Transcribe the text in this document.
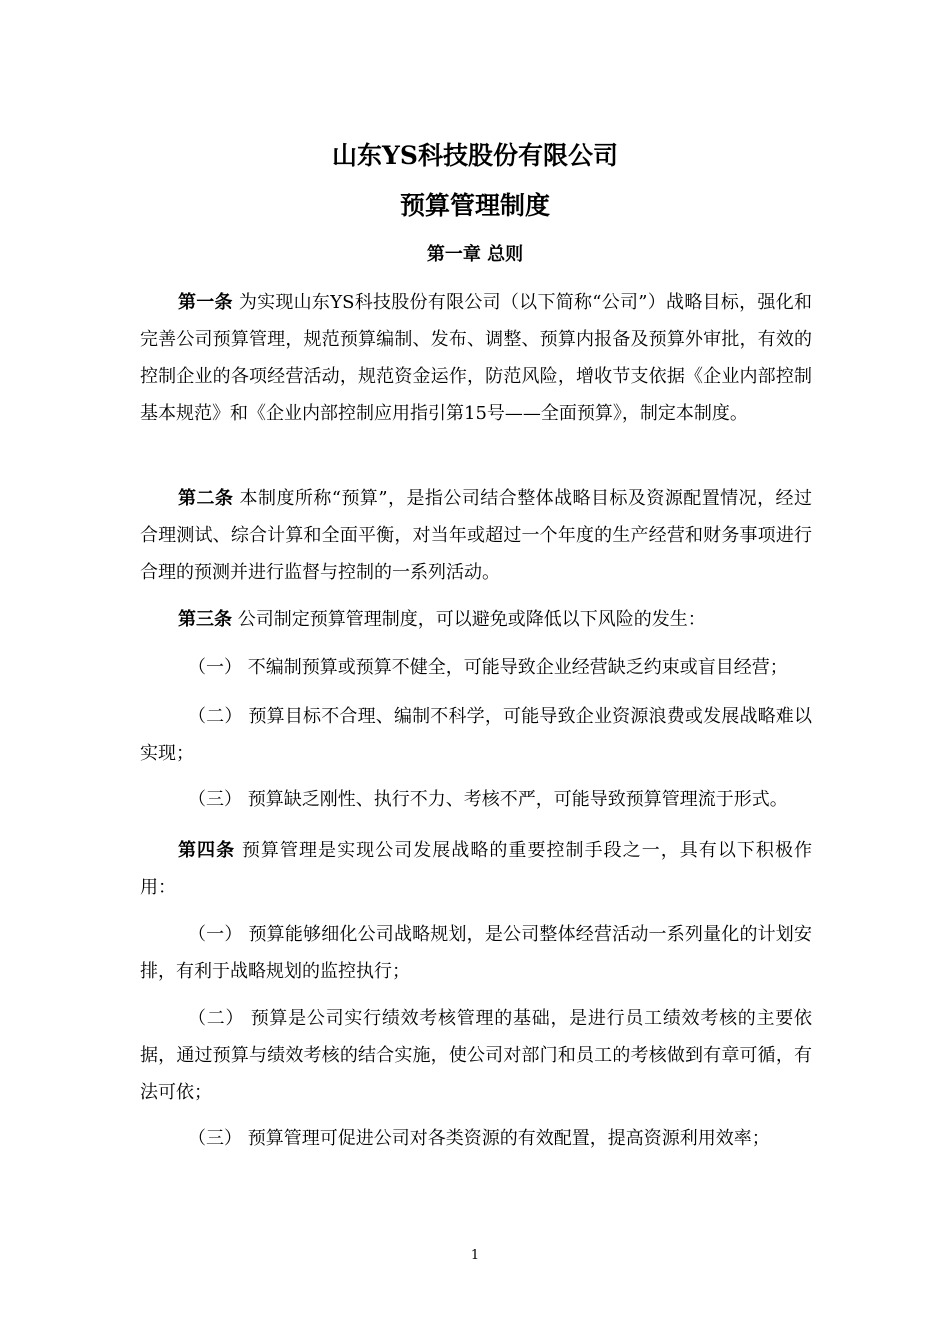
山东YS科技股份有限公司
预算管理制度
第一章 总则
第一条 为实现山东YS科技股份有限公司（以下简称“公司”）战略目标，强化和完善公司预算管理，规范预算编制、发布、调整、预算内报备及预算外审批，有效的控制企业的各项经营活动，规范资金运作，防范风险，增收节支依据《企业内部控制基本规范》和《企业内部控制应用指引第15号——全面预算》，制定本制度。
第二条 本制度所称“预算”，是指公司结合整体战略目标及资源配置情况，经过合理测试、综合计算和全面平衡，对当年或超过一个年度的生产经营和财务事项进行合理的预测并进行监督与控制的一系列活动。
第三条 公司制定预算管理制度，可以避免或降低以下风险的发生：
（一） 不编制预算或预算不健全，可能导致企业经营缺乏约束或盲目经营；
（二） 预算目标不合理、编制不科学，可能导致企业资源浪费或发展战略难以实现；
（三） 预算缺乏刚性、执行不力、考核不严，可能导致预算管理流于形式。
第四条 预算管理是实现公司发展战略的重要控制手段之一，具有以下积极作用：
（一） 预算能够细化公司战略规划，是公司整体经营活动一系列量化的计划安排，有利于战略规划的监控执行；
（二） 预算是公司实行绩效考核管理的基础，是进行员工绩效考核的主要依据，通过预算与绩效考核的结合实施，使公司对部门和员工的考核做到有章可循，有法可依；
（三） 预算管理可促进公司对各类资源的有效配置，提高资源利用效率；
1
